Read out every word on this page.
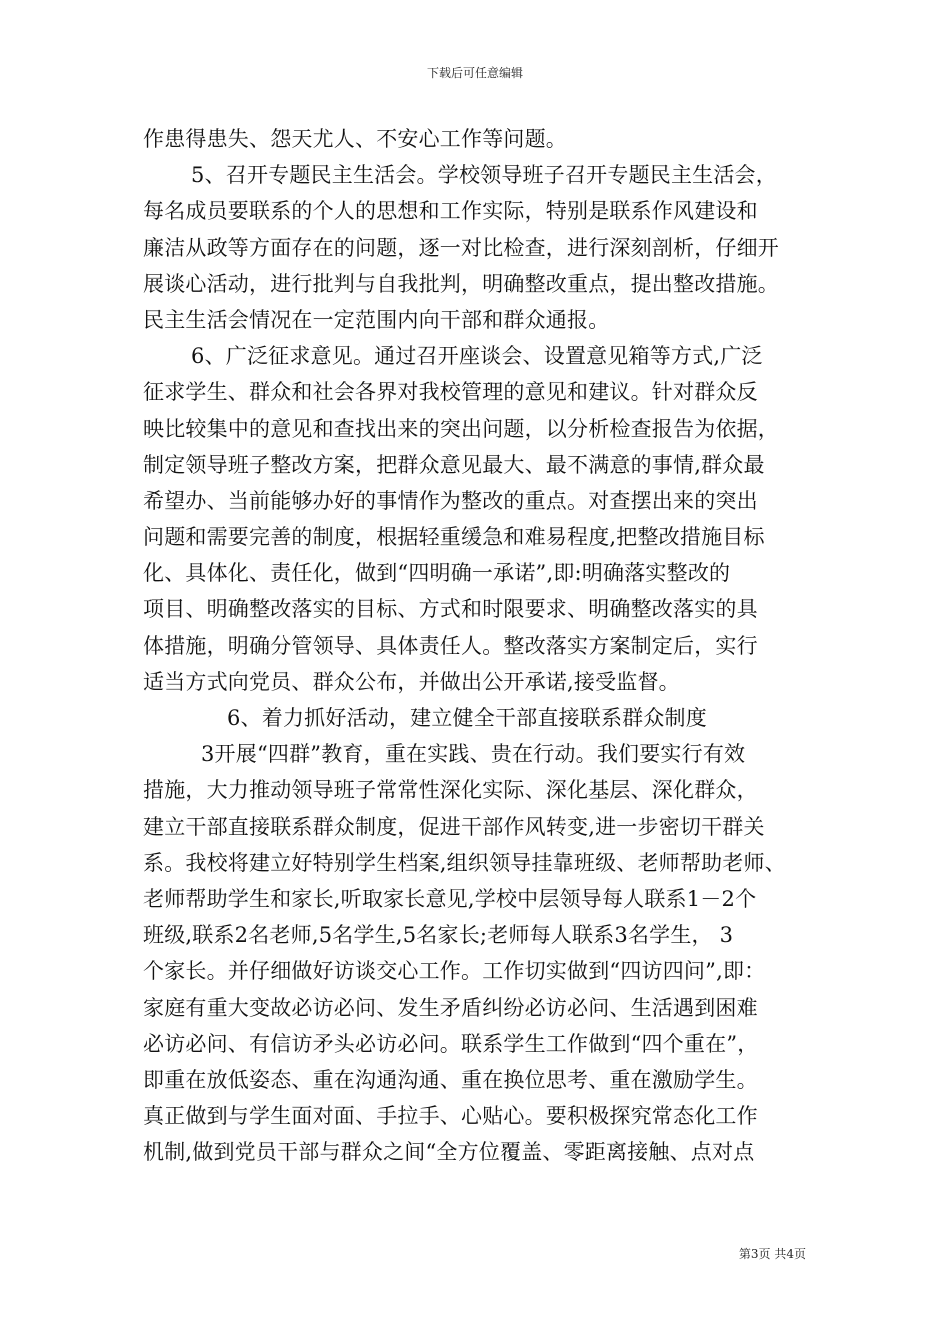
下载后可任意编辑
作患得患失、怨天尤人、不安心工作等问题。
5、召开专题民主生活会。学校领导班子召开专题民主生活会，
每名成员要联系的个人的思想和工作实际，特别是联系作风建设和
廉洁从政等方面存在的问题，逐一对比检查，进行深刻剖析，仔细开
展谈心活动，进行批判与自我批判，明确整改重点，提出整改措施。
民主生活会情况在一定范围内向干部和群众通报。
6、广泛征求意见。通过召开座谈会、设置意见箱等方式,广泛
征求学生、群众和社会各界对我校管理的意见和建议。针对群众反
映比较集中的意见和查找出来的突出问题，以分析检查报告为依据，
制定领导班子整改方案，把群众意见最大、最不满意的事情,群众最
希望办、当前能够办好的事情作为整改的重点。对查摆出来的突出
问题和需要完善的制度，根据轻重缓急和难易程度,把整改措施目标
化、具体化、责任化，做到“四明确一承诺”,即:明确落实整改的
项目、明确整改落实的目标、方式和时限要求、明确整改落实的具
体措施，明确分管领导、具体责任人。整改落实方案制定后，实行
适当方式向党员、群众公布，并做出公开承诺,接受监督。
6、着力抓好活动，建立健全干部直接联系群众制度
3开展“四群”教育，重在实践、贵在行动。我们要实行有效
措施，大力推动领导班子常常性深化实际、深化基层、深化群众，
建立干部直接联系群众制度，促进干部作风转变,进一步密切干群关
系。我校将建立好特别学生档案,组织领导挂靠班级、老师帮助老师、
老师帮助学生和家长,听取家长意见,学校中层领导每人联系1－2个
班级,联系2名老师,5名学生,5名家长;老师每人联系3名学生， 3
个家长。并仔细做好访谈交心工作。工作切实做到“四访四问”,即：
家庭有重大变故必访必问、发生矛盾纠纷必访必问、生活遇到困难
必访必问、有信访矛头必访必问。联系学生工作做到“四个重在”，
即重在放低姿态、重在沟通沟通、重在换位思考、重在激励学生。
真正做到与学生面对面、手拉手、心贴心。要积极探究常态化工作
机制,做到党员干部与群众之间“全方位覆盖、零距离接触、点对点
第3页 共4页
